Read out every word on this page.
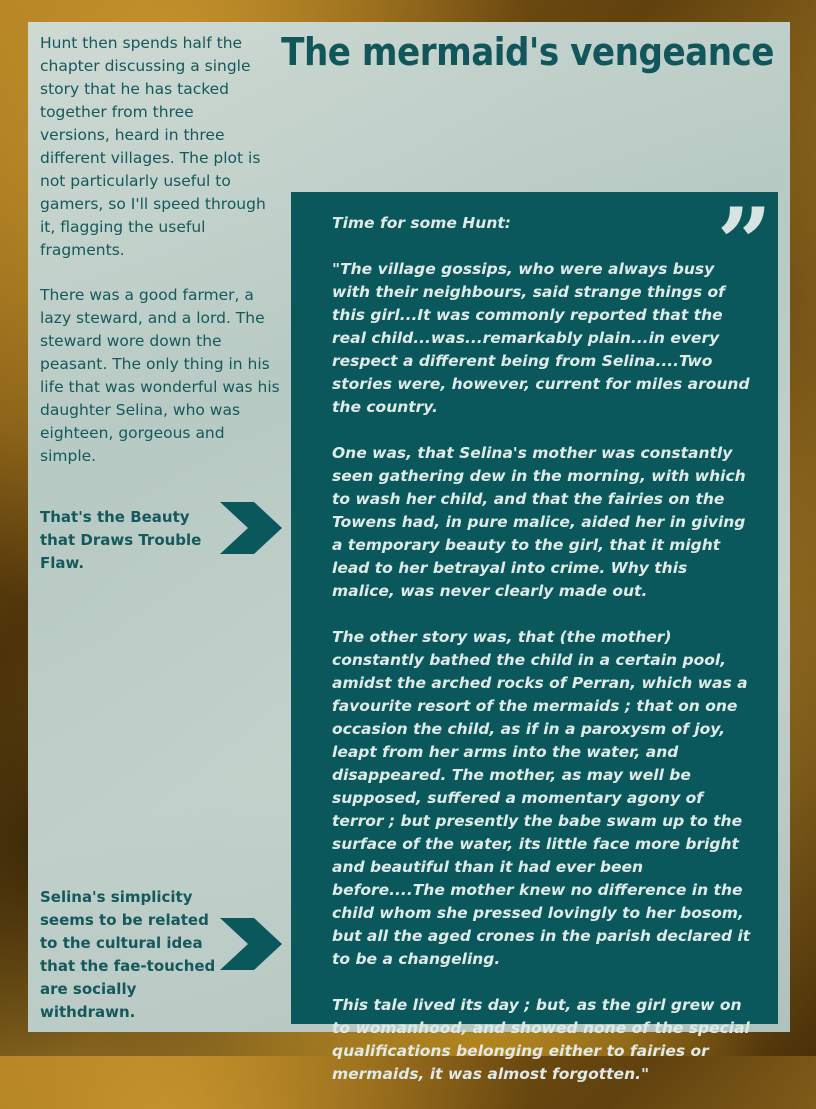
The mermaid's vengeance
Hunt then spends half the chapter discussing a single story that he has tacked together from three versions, heard in three different villages. The plot is not particularly useful to gamers, so I'll speed through it, flagging the useful fragments.
There was a good farmer, a lazy steward, and a lord. The steward wore down the peasant. The only thing in his life that was wonderful was his daughter Selina, who was eighteen, gorgeous and simple.
That's the Beauty that Draws Trouble Flaw.
Selina's simplicity seems to be related to the cultural idea that the fae-touched are socially withdrawn.
”

Time for some Hunt:

"The village gossips, who were always busy with their neighbours, said strange things of this girl...It was commonly reported that the real child...was...remarkably plain...in every respect a different being from Selina....Two stories were, however, current for miles around the country.

One was, that Selina's mother was constantly seen gathering dew in the morning, with which to wash her child, and that the fairies on the Towens had, in pure malice, aided her in giving a temporary beauty to the girl, that it might lead to her betrayal into crime. Why this malice, was never clearly made out.

The other story was, that (the mother) constantly bathed the child in a certain pool, amidst the arched rocks of Perran, which was a favourite resort of the mermaids ; that on one occasion the child, as if in a paroxysm of joy, leapt from her arms into the water, and disappeared. The mother, as may well be supposed, suffered a momentary agony of terror ; but presently the babe swam up to the surface of the water, its little face more bright and beautiful than it had ever been before....The mother knew no difference in the child whom she pressed lovingly to her bosom, but all the aged crones in the parish declared it to be a changeling.

This tale lived its day ; but, as the girl grew on to womanhood, and showed none of the special qualifications belonging either to fairies or mermaids, it was almost forgotten."
